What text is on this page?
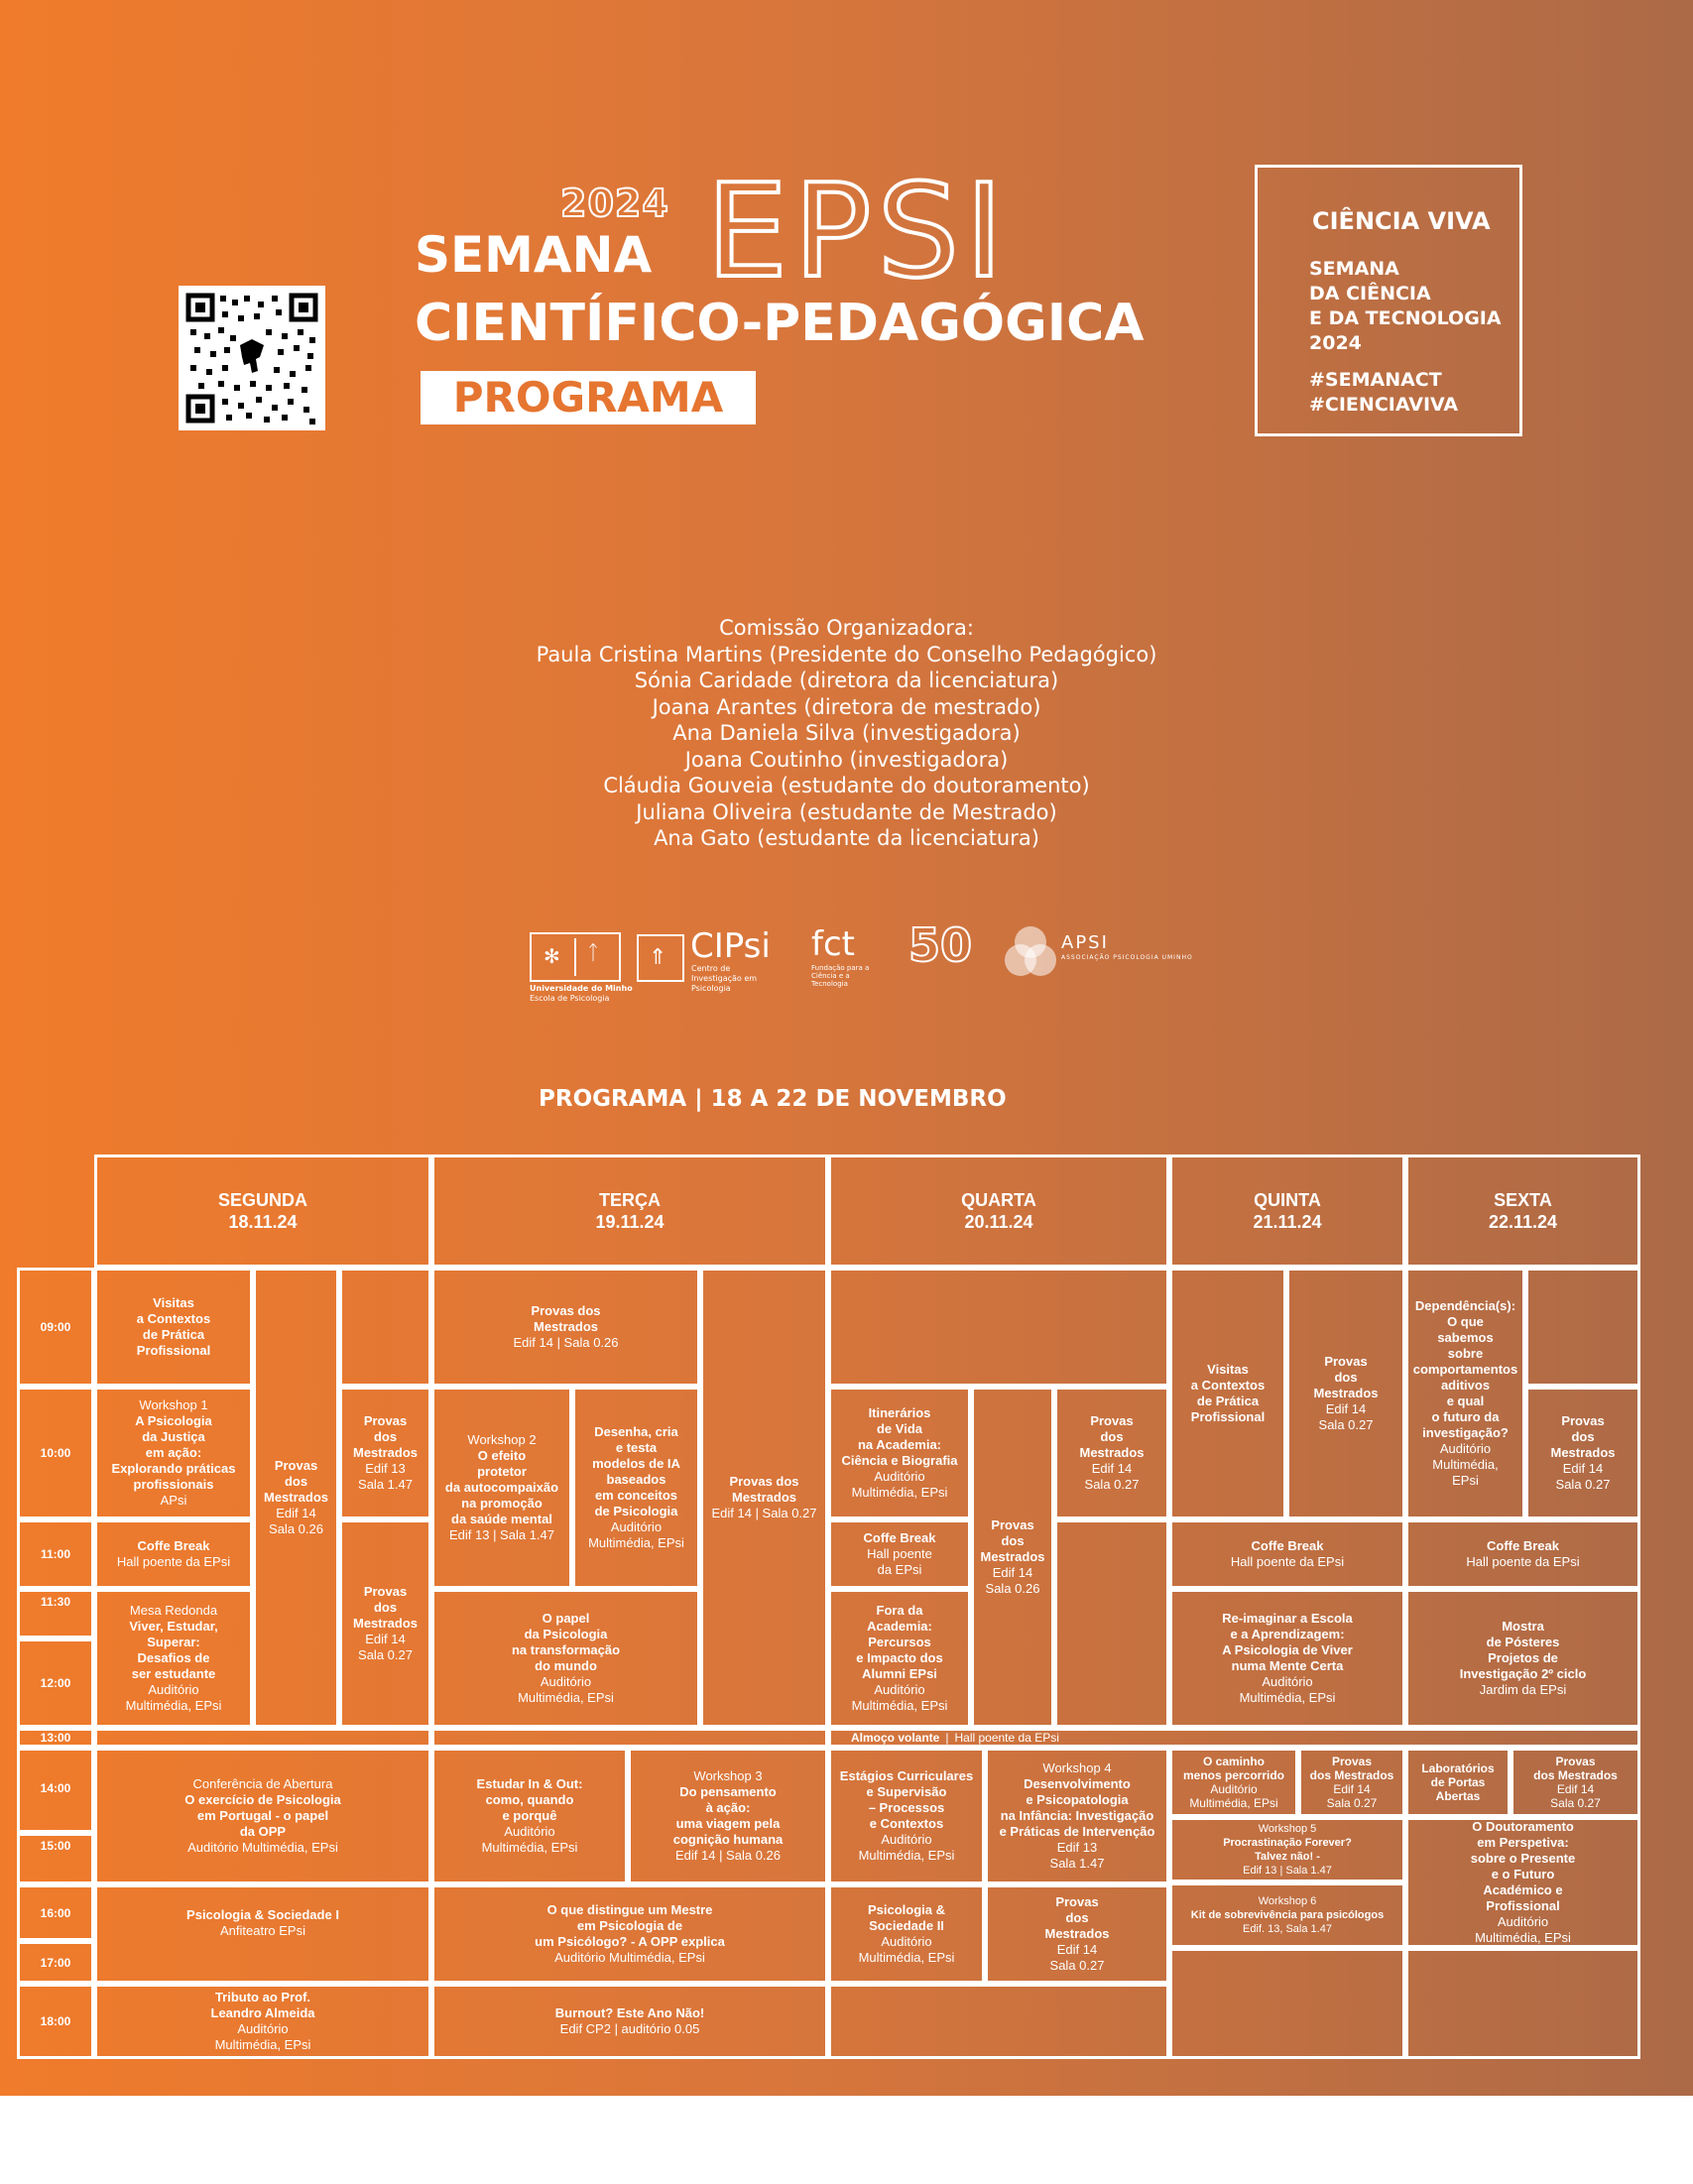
2024
SEMANA EPSI
CIENTÍFICO-PEDAGÓGICA
PROGRAMA
CIÊNCIA VIVA
SEMANA
DA CIÊNCIA
E DA TECNOLOGIA
2024
#SEMANACT
#CIENCIAVIVA
Comissão Organizadora:
Paula Cristina Martins (Presidente do Conselho Pedagógico)
Sónia Caridade (diretora da licenciatura)
Joana Arantes (diretora de mestrado)
Ana Daniela Silva (investigadora)
Joana Coutinho (investigadora)
Cláudia Gouveia (estudante do doutoramento)
Juliana Oliveira (estudante de Mestrado)
Ana Gato (estudante da licenciatura)
✻ ᛏ
Universidade do Minho
Escola de Psicologia
⇑ CIPsi
Centro de Investigação em Psicologia
fct
Fundação para a Ciência e a Tecnologia
50	APSI
ASSOCIAÇÃO PSICOLOGIA UMINHO
PROGRAMA | 18 A 22 DE NOVEMBRO
SEGUNDA
18.11.24
TERÇA
19.11.24
QUARTA
20.11.24
QUINTA
21.11.24
SEXTA
22.11.24
09:00
10:00
11:00
11:30
12:00
13:00
14:00
15:00
16:00
17:00
18:00
Visitas
a Contextos
de Prática
Profissional
Workshop 1
A Psicologia
da Justiça
em ação:
Explorando práticas
profissionais
APsi
Provas
dos
Mestrados
Edif 14
Sala 0.26
Provas
dos
Mestrados
Edif 13
Sala 1.47
Coffe Break
Hall poente da EPsi
Mesa Redonda
Viver, Estudar,
Superar:
Desafios de
ser estudante
Auditório
Multimédia, EPsi
Provas
dos
Mestrados
Edif 14
Sala 0.27
Provas dos
Mestrados
Edif 14 | Sala 0.26
Workshop 2
O efeito
protetor
da autocompaixão
na promoção
da saúde mental
Edif 13 | Sala 1.47
Desenha, cria
e testa
modelos de IA
baseados
em conceitos
de Psicologia
Auditório
Multimédia, EPsi
Provas dos
Mestrados
Edif 14 | Sala 0.27
O papel
da Psicologia
na transformação
do mundo
Auditório
Multimédia, EPsi
Itinerários
de Vida
na Academia:
Ciência e Biografia
Auditório
Multimédia, EPsi
Provas
dos
Mestrados
Edif 14
Sala 0.26
Provas
dos
Mestrados
Edif 14
Sala 0.27
Coffe Break
Hall poente
da EPsi
Fora da
Academia:
Percursos
e Impacto dos
Alumni EPsi
Auditório
Multimédia, EPsi
Visitas
a Contextos
de Prática
Profissional
Provas
dos
Mestrados
Edif 14
Sala 0.27
Coffe Break
Hall poente da EPsi
Re-imaginar a Escola
e a Aprendizagem:
A Psicologia de Viver
numa Mente Certa
Auditório
Multimédia, EPsi
Dependência(s):
O que
sabemos
sobre
comportamentos
aditivos
e qual
o futuro da
investigação?
Auditório
Multimédia,
EPsi
Provas
dos
Mestrados
Edif 14
Sala 0.27
Coffe Break
Hall poente da EPsi
Mostra
de Pósteres
Projetos de
Investigação 2º ciclo
Jardim da EPsi
Almoço volante | Hall poente da EPsi
Conferência de Abertura
O exercício de Psicologia
em Portugal - o papel
da OPP
Auditório Multimédia, EPsi
Psicologia & Sociedade I
Anfiteatro EPsi
Tributo ao Prof.
Leandro Almeida
Auditório
Multimédia, EPsi
Estudar In & Out:
como, quando
e porquê
Auditório
Multimédia, EPsi
Workshop 3
Do pensamento
à ação:
uma viagem pela
cognição humana
Edif 14 | Sala 0.26
O que distingue um Mestre
em Psicologia de
um Psicólogo? - A OPP explica
Auditório Multimédia, EPsi
Burnout? Este Ano Não!
Edif CP2 | auditório 0.05
Estágios Curriculares
e Supervisão
– Processos
e Contextos
Auditório
Multimédia, EPsi
Workshop 4
Desenvolvimento
e Psicopatologia
na Infância: Investigação
e Práticas de Intervenção
Edif 13
Sala 1.47
Psicologia &
Sociedade II
Auditório
Multimédia, EPsi
Provas
dos
Mestrados
Edif 14
Sala 0.27
O caminho
menos percorrido
Auditório
Multimédia, EPsi
Provas
dos Mestrados
Edif 14
Sala 0.27
Workshop 5
Procrastinação Forever?
Talvez não! -
Edif 13 | Sala 1.47
Workshop 6
Kit de sobrevivência para psicólogos
Edif. 13, Sala 1.47
Laboratórios
de Portas
Abertas
Provas
dos Mestrados
Edif 14
Sala 0.27
O Doutoramento
em Perspetiva:
sobre o Presente
e o Futuro
Académico e
Profissional
Auditório
Multimédia, EPsi
